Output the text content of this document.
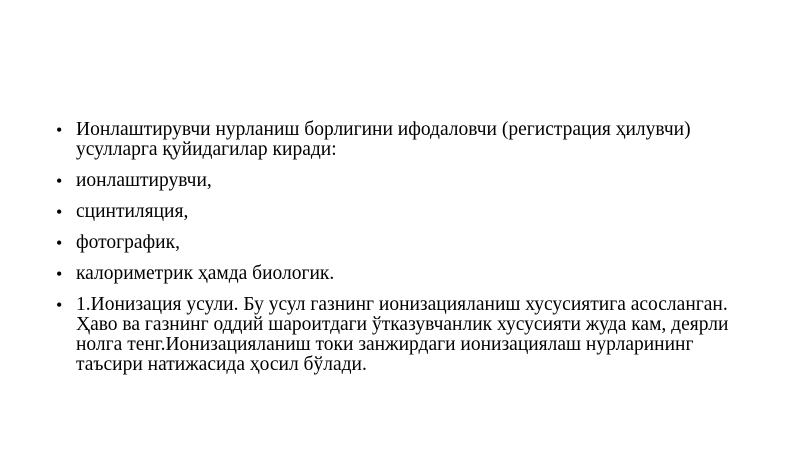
• Ионлаштирувчи нурланиш борлигини ифодаловчи (регистрация ҳилувчи) усулларга қуйидагилар киради:
• ионлаштирувчи,
• сцинтиляция,
• фотографик,
• калориметрик ҳамда биологик.
• 1.Ионизация усули. Бу усул газнинг ионизацияланиш хусусиятига асосланган. Ҳаво ва газнинг оддий шароитдаги ўтказувчанлик хусусияти жуда кам, деярли нолга тенг.Ионизацияланиш токи занжирдаги ионизациялаш нурларининг таъсири натижасида ҳосил бўлади.
